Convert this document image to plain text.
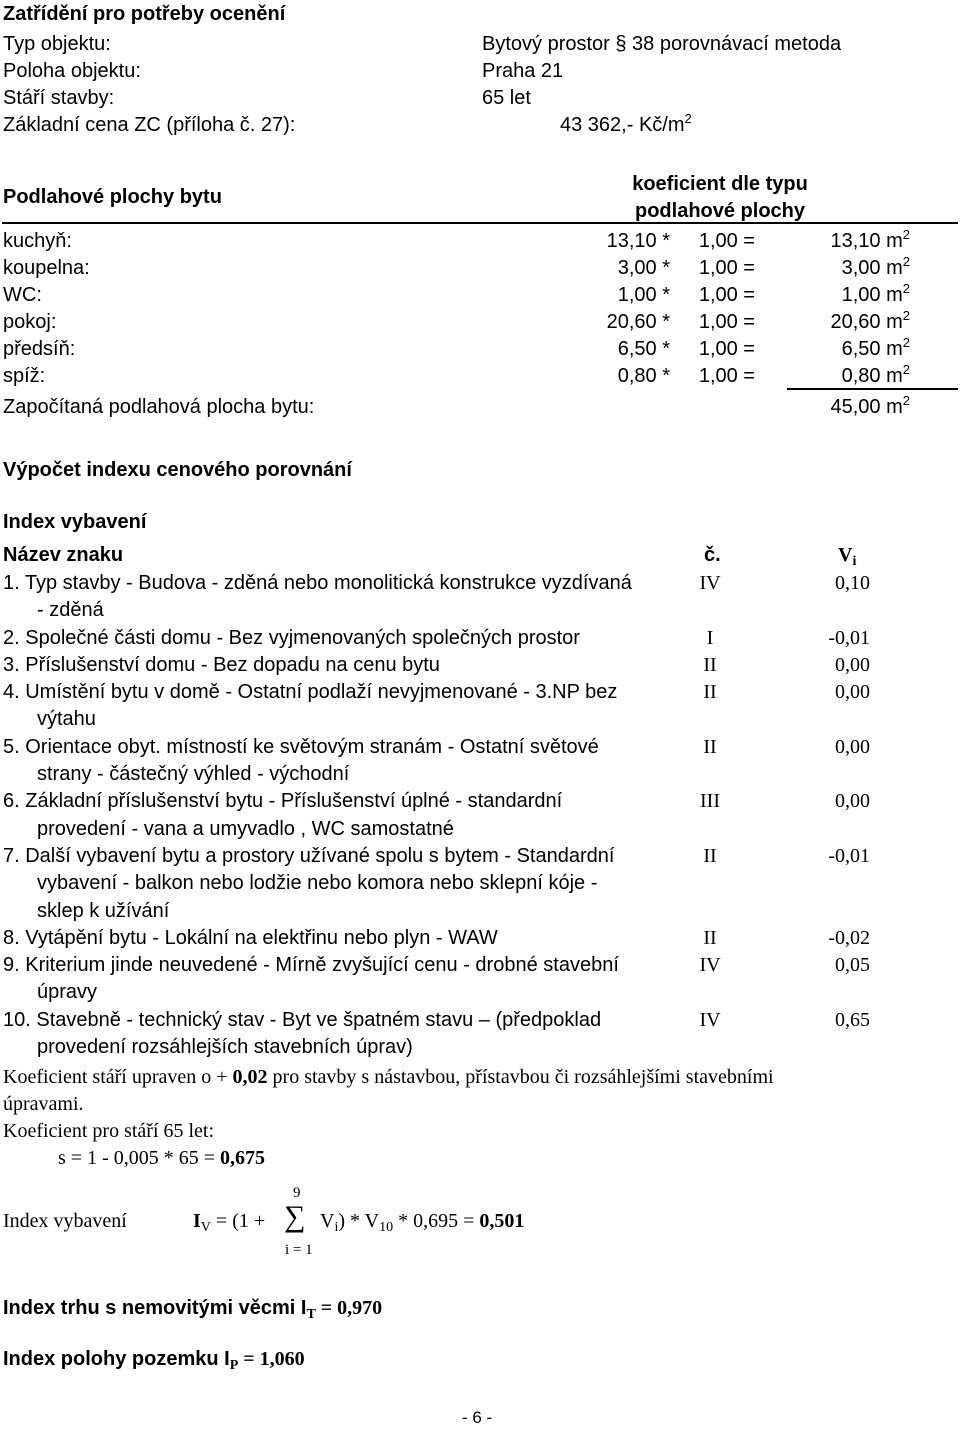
Zatřídění pro potřeby ocenění
Typ objektu:	Bytový prostor § 38 porovnávací metoda
Poloha objektu:	Praha 21
Stáří stavby:	65 let
Základní cena ZC (příloha č. 27):	43 362,- $Kč/m^2$
Podlahové plochy bytu
koeficient dle typu
podlahové plochy
kuchyň:	13,10 *	1,00 =	13,10 $m^2$
koupelna:	3,00 *	1,00 =	3,00 $m^2$
WC:	1,00 *	1,00 =	1,00 $m^2$
pokoj:	20,60 *	1,00 =	20,60 $m^2$
předsíň:	6,50 *	1,00 =	6,50 $m^2$
spíž:	0,80 *	1,00 =	0,80 $m^2$
Započítaná podlahová plocha bytu:	45,00 $m^2$
Výpočet indexu cenového porovnání
Index vybavení
Název znaku	č.	$V_i$
1. Typ stavby - Budova - zděná nebo monolitická konstrukce vyzdívaná
- zděná
IV	0,10
2. Společné části domu - Bez vyjmenovaných společných prostor	I	-0,01
3. Příslušenství domu - Bez dopadu na cenu bytu	II	0,00
4. Umístění bytu v domě - Ostatní podlaží nevyjmenované - 3.NP bez
výtahu
II	0,00
5. Orientace obyt. místností ke světovým stranám - Ostatní světové
strany - částečný výhled - východní
II	0,00
6. Základní příslušenství bytu - Příslušenství úplné - standardní
provedení - vana a umyvadlo , WC samostatné
III	0,00
7. Další vybavení bytu a prostory užívané spolu s bytem - Standardní
vybavení - balkon nebo lodžie nebo komora nebo sklepní kóje -
sklep k užívání
II	-0,01
8. Vytápění bytu - Lokální na elektřinu nebo plyn - WAW	II	-0,02
9. Kriterium jinde neuvedené - Mírně zvyšující cenu - drobné stavební
úpravy
IV	0,05
10. Stavebně - technický stav - Byt ve špatném stavu – (předpoklad
provedení rozsáhlejších stavebních úprav)
IV	0,65
Koeficient stáří upraven o + 0,02 pro stavby s nástavbou, přístavbou či rozsáhlejšími stavebními
úpravami.
Koeficient pro stáří 65 let:
s = 1 - 0,005 * 65 = 0,675
9
∑
i = 1
Index vybavení	$I_V = (1$ +	$V_i) * V_{10} * 0,695 = 0,501$
Index trhu s nemovitými věcmi $I_T = 0,970$
Index polohy pozemku $I_P = 1,060$
- 6 -
